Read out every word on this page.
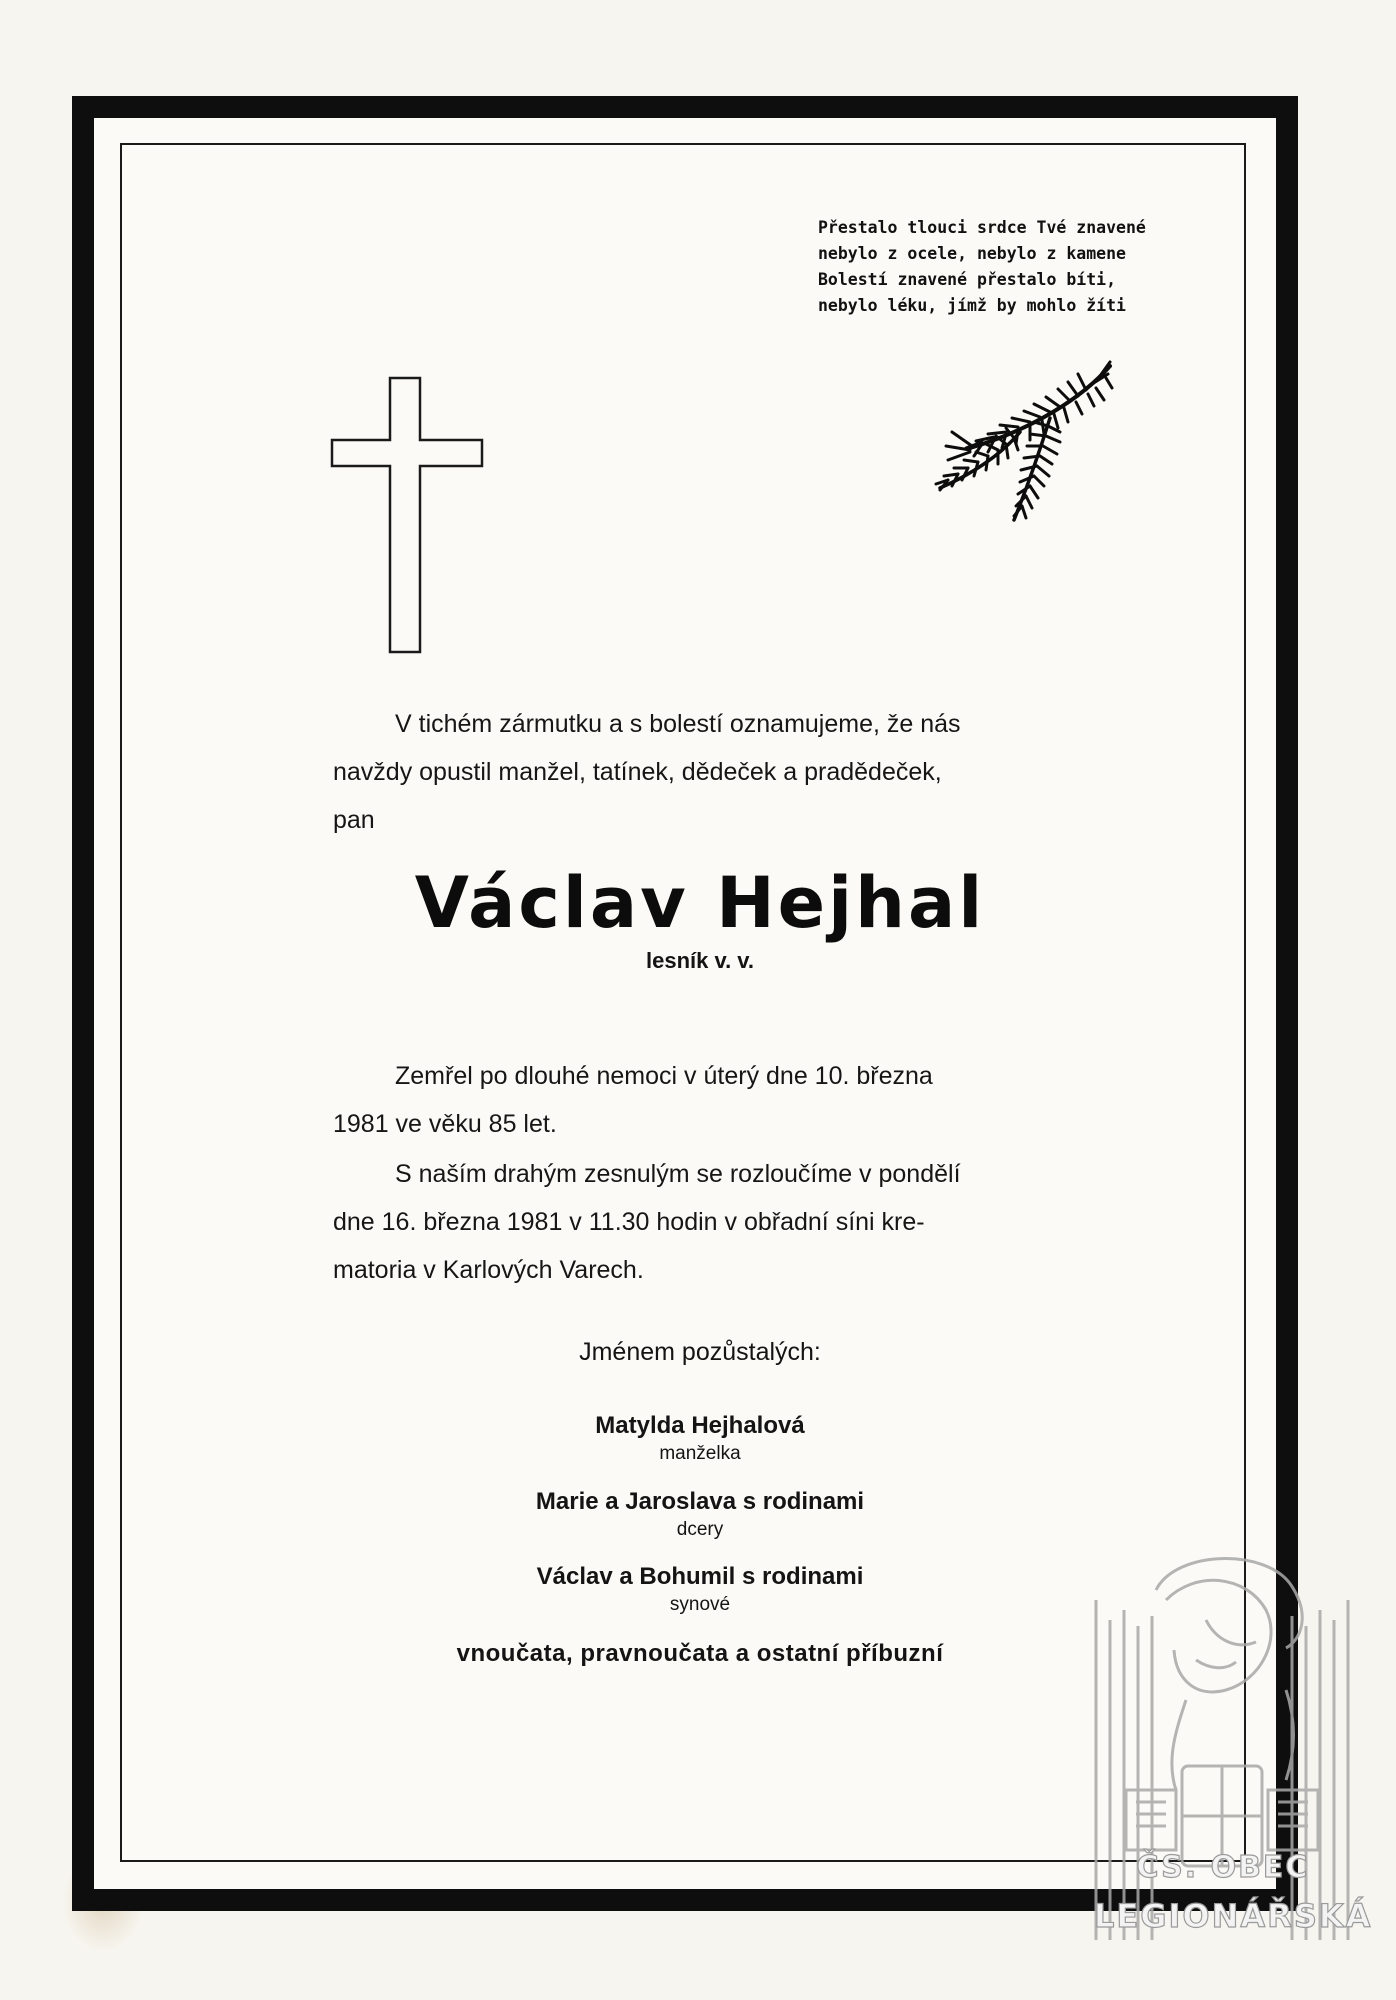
Přestalo tlouci srdce Tvé znavené
nebylo z ocele, nebylo z kamene
Bolestí znavené přestalo bíti,
nebylo léku, jímž by mohlo žíti
V tichém zármutku a s bolestí oznamujeme, že nás
navždy opustil manžel, tatínek, dědeček a pradědeček,
pan
Václav Hejhal
lesník v. v.
Zemřel po dlouhé nemoci v úterý dne 10. března
1981 ve věku 85 let.
S naším drahým zesnulým se rozloučíme v pondělí
dne 16. března 1981 v 11.30 hodin v obřadní síni kre-
matoria v Karlových Varech.
Jménem pozůstalých:
Matylda Hejhalová
manželka
Marie a Jaroslava s rodinami
dcery
Václav a Bohumil s rodinami
synové
vnoučata, pravnoučata a ostatní příbuzní
ČS. OBEC
LEGIONÁŘSKÁ
